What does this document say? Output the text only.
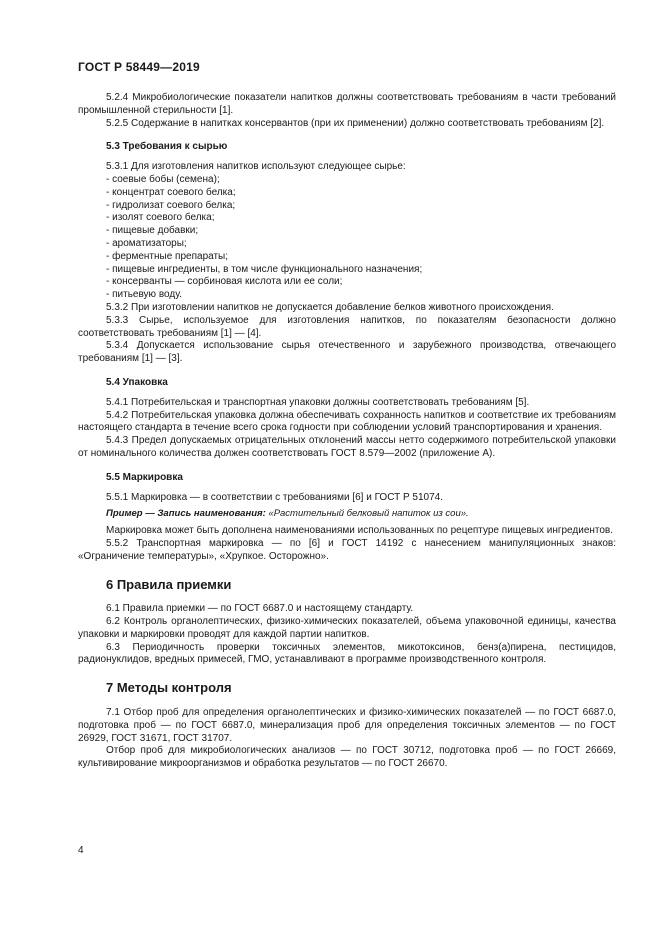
ГОСТ Р 58449—2019

5.2.4 Микробиологические показатели напитков должны соответствовать требованиям в части требований промышленной стерильности [1].

5.2.5 Содержание в напитках консервантов (при их применении) должно соответствовать требованиям [2].

5.3 Требования к сырью

5.3.1 Для изготовления напитков используют следующее сырье:

- соевые бобы (семена);

- концентрат соевого белка;

- гидролизат соевого белка;

- изолят соевого белка;

- пищевые добавки;

- ароматизаторы;

- ферментные препараты;

- пищевые ингредиенты, в том числе функционального назначения;

- консерванты — сорбиновая кислота или ее соли;

- питьевую воду.

5.3.2 При изготовлении напитков не допускается добавление белков животного происхождения.

5.3.3 Сырье, используемое для изготовления напитков, по показателям безопасности должно соответствовать требованиям [1] — [4].

5.3.4 Допускается использование сырья отечественного и зарубежного производства, отвечающего требованиям [1] — [3].

5.4 Упаковка

5.4.1 Потребительская и транспортная упаковки должны соответствовать требованиям [5].

5.4.2 Потребительская упаковка должна обеспечивать сохранность напитков и соответствие их требованиям настоящего стандарта в течение всего срока годности при соблюдении условий транспортирования и хранения.

5.4.3 Предел допускаемых отрицательных отклонений массы нетто содержимого потребительской упаковки от номинального количества должен соответствовать ГОСТ 8.579—2002 (приложение А).

5.5 Маркировка

5.5.1 Маркировка — в соответствии с требованиями [6] и ГОСТ Р 51074.

Пример — Запись наименования: «Растительный белковый напиток из сои».

Маркировка может быть дополнена наименованиями использованных по рецептуре пищевых ингредиентов.

5.5.2 Транспортная маркировка — по [6] и ГОСТ 14192 с нанесением манипуляционных знаков: «Ограничение температуры», «Хрупкое. Осторожно».

6 Правила приемки

6.1 Правила приемки — по ГОСТ 6687.0 и настоящему стандарту.

6.2 Контроль органолептических, физико-химических показателей, объема упаковочной единицы, качества упаковки и маркировки проводят для каждой партии напитков.

6.3 Периодичность проверки токсичных элементов, микотоксинов, бенз(а)пирена, пестицидов, радионуклидов, вредных примесей, ГМО, устанавливают в программе производственного контроля.

7 Методы контроля

7.1 Отбор проб для определения органолептических и физико-химических показателей — по ГОСТ 6687.0, подготовка проб — по ГОСТ 6687.0, минерализация проб для определения токсичных элементов — по ГОСТ 26929, ГОСТ 31671, ГОСТ 31707.

Отбор проб для микробиологических анализов — по ГОСТ 30712, подготовка проб — по ГОСТ 26669, культивирование микроорганизмов и обработка результатов — по ГОСТ 26670.

4
